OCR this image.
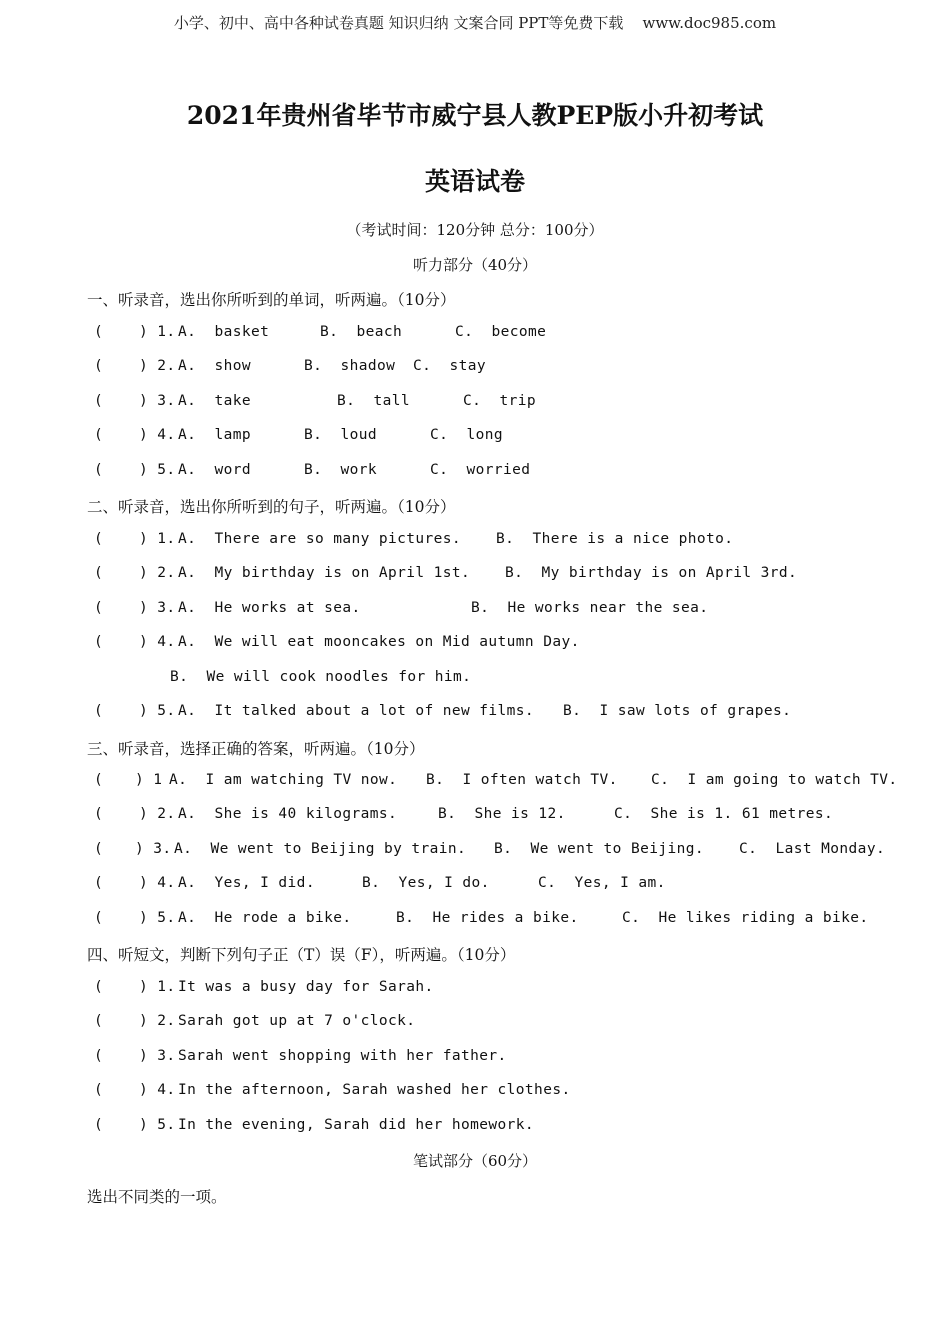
小学、初中、高中各种试卷真题 知识归纳 文案合同 PPT等免费下载    www.doc985.com
2021年贵州省毕节市威宁县人教PEP版小升初考试
英语试卷
（考试时间：120分钟 总分：100分）
听力部分（40分）
一、听录音，选出你所听到的单词，听两遍。（10分）
( ) 1. A.  basket	B.  beach	C.  become
( ) 2. A.  show	B.  shadow C.  stay
( ) 3. A.  take	B.  tall	C.  trip
( ) 4. A.  lamp	B.  loud	C.  long
( ) 5. A.  word	B.  work	C.  worried
二、听录音，选出你所听到的句子，听两遍。（10分）
( ) 1. A.  There are so many pictures. B.  There is a nice photo.
( ) 2. A.  My birthday is on April 1st. B.  My birthday is on April 3rd.
( ) 3. A.  He works at sea.	B.  He works near the sea.
( ) 4. A.  We will eat mooncakes on Mid autumn Day.
B.  We will cook noodles for him.
( ) 5. A.  It talked about a lot of new films. B.  I saw lots of grapes.
三、听录音，选择正确的答案，听两遍。（10分）
( ) 1 A.  I am watching TV now. B.  I often watch TV. C.  I am going to watch TV.
( ) 2. A.  She is 40 kilograms.	B.  She is 12.	C.  She is 1. 61 metres.
( ) 3. A.  We went to Beijing by train. B.  We went to Beijing. C.  Last Monday.
( ) 4. A.  Yes, I did.	B.  Yes, I do.	C.  Yes, I am.
( ) 5. A.  He rode a bike.	B.  He rides a bike.	C.  He likes riding a bike.
四、听短文，判断下列句子正（T）误（F），听两遍。（10分）
( ) 1. It was a busy day for Sarah.
( ) 2. Sarah got up at 7 o'clock.
( ) 3. Sarah went shopping with her father.
( ) 4. In the afternoon, Sarah washed her clothes.
( ) 5. In the evening, Sarah did her homework.
笔试部分（60分）
选出不同类的一项。
